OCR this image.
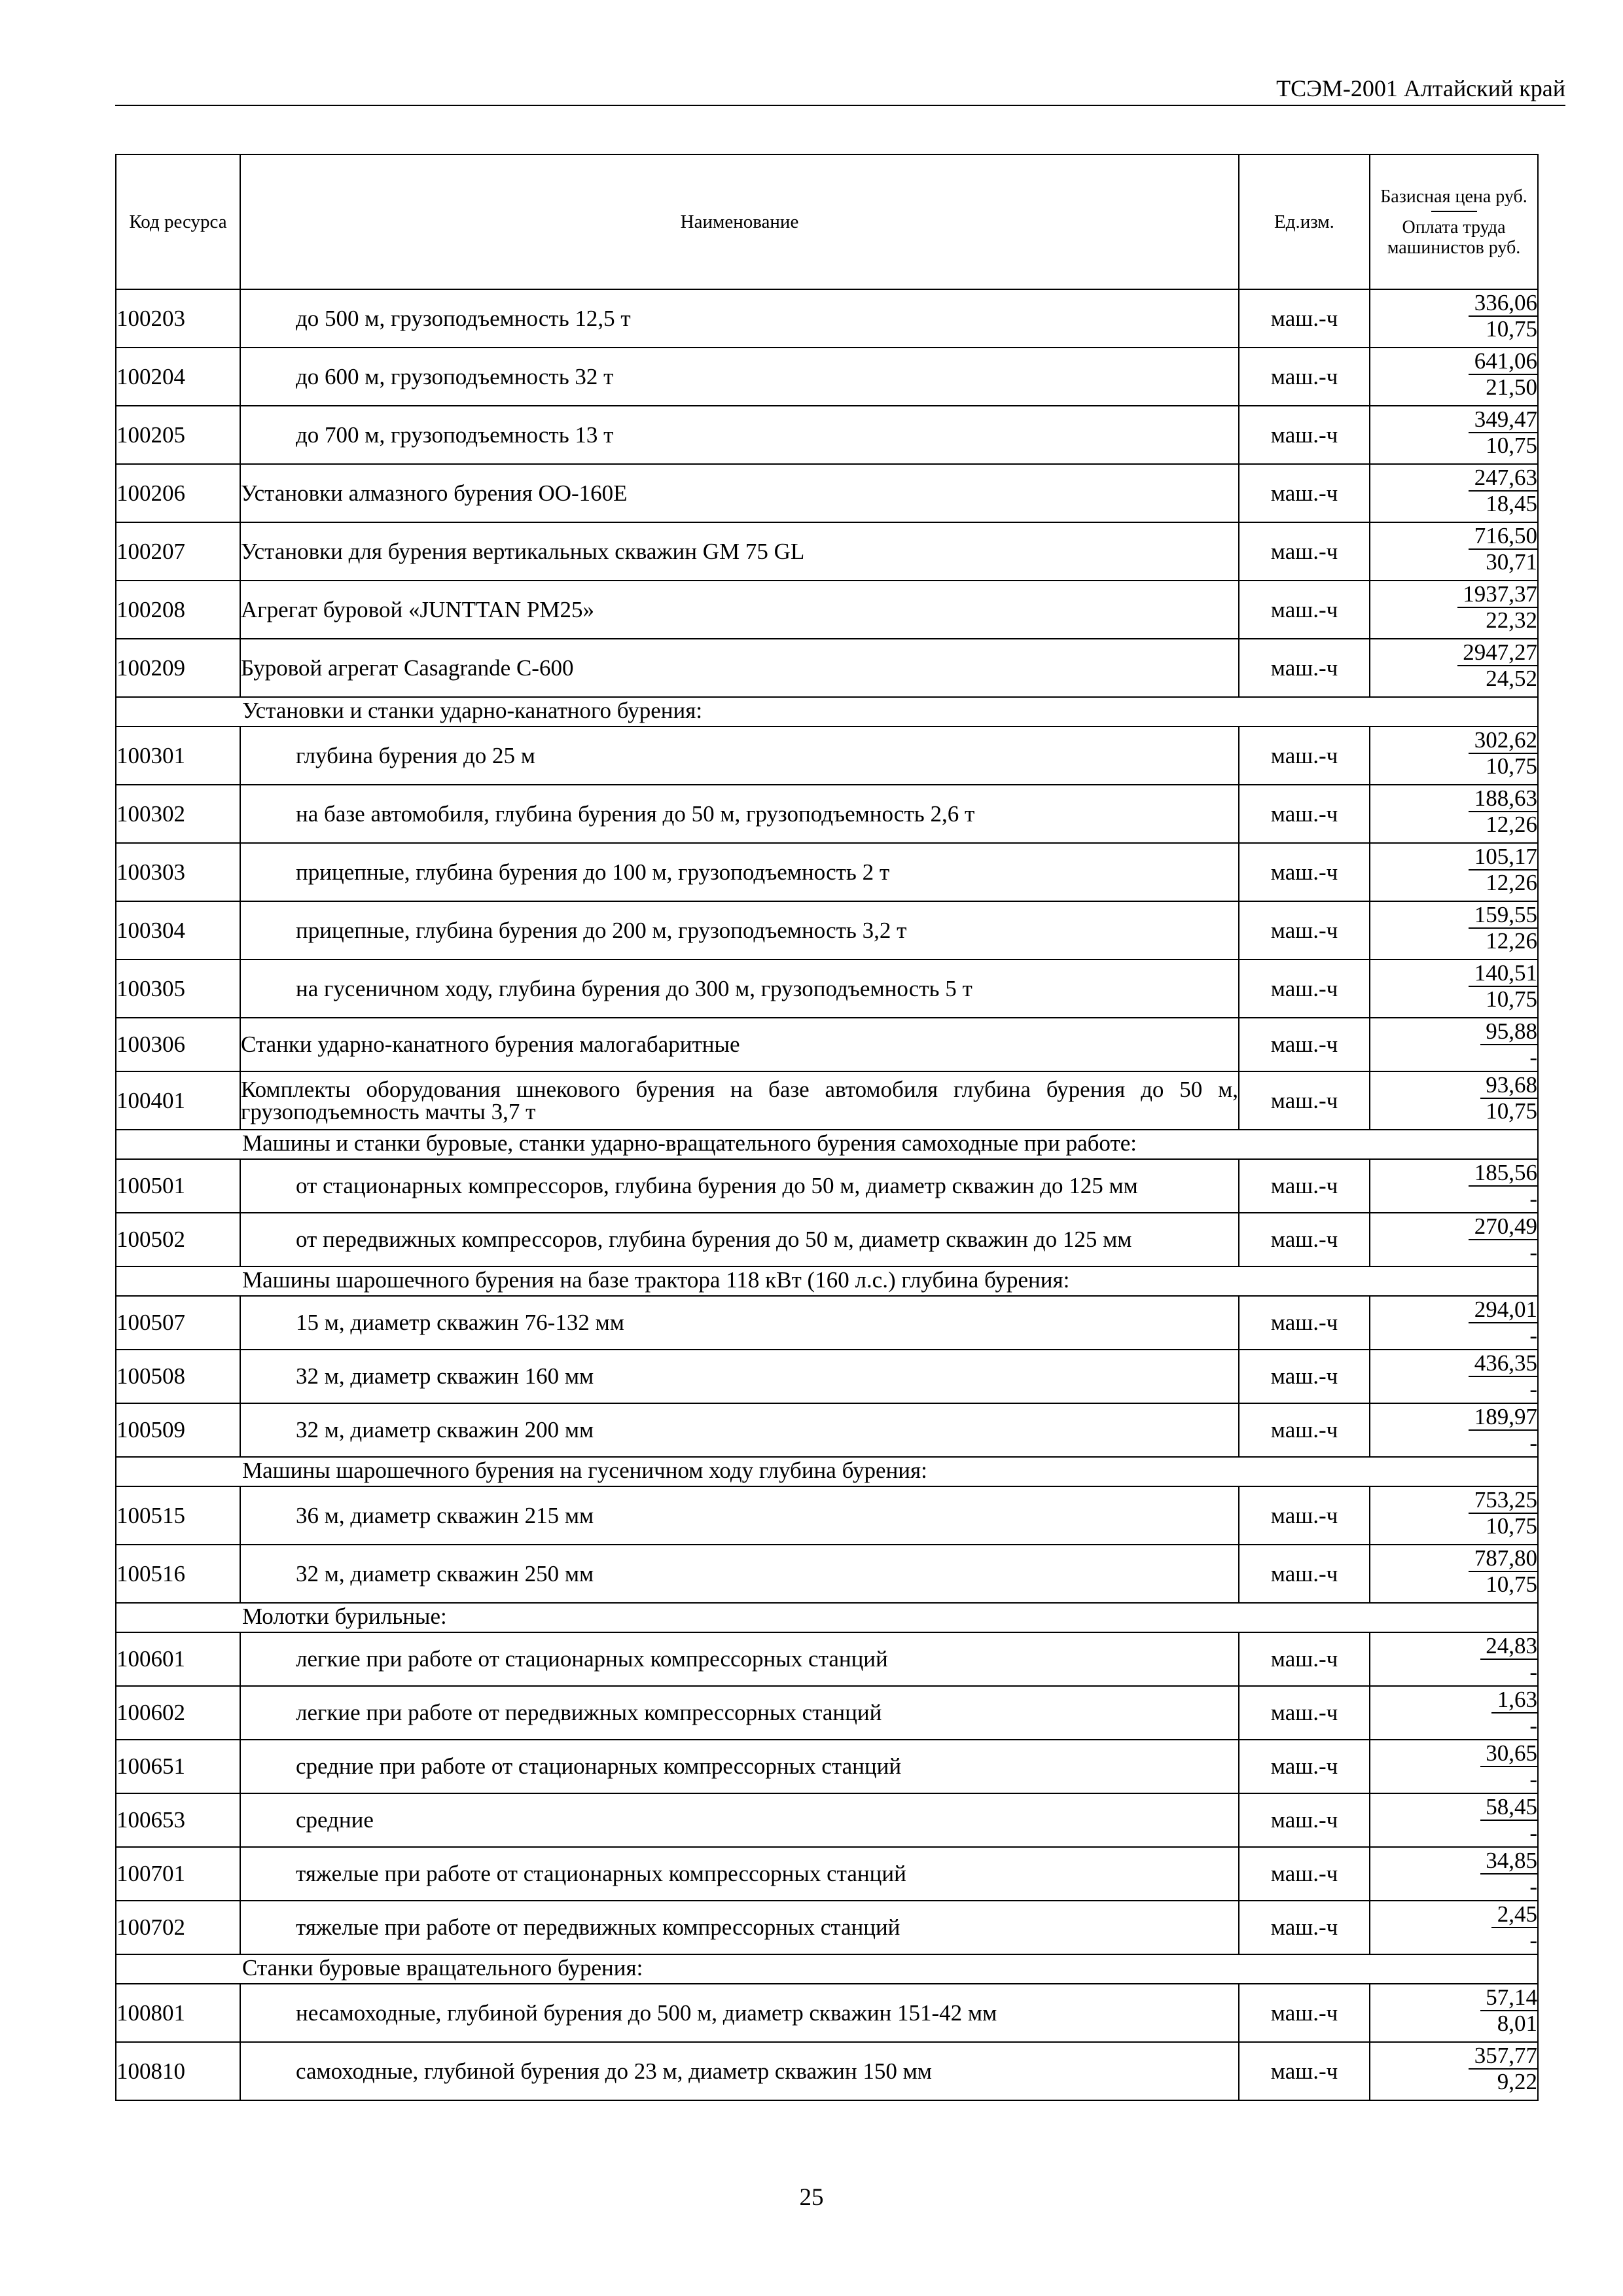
ТСЭМ-2001 Алтайский край
Код ресурса	Наименование	Ед.изм.	Базисная цена руб.
Оплата труда машинистов руб.

100203	до 500 м, грузоподъемность 12,5 т	маш.-ч	336,06
10,75

100204	до 600 м, грузоподъемность 32 т	маш.-ч	641,06
21,50

100205	до 700 м, грузоподъемность 13 т	маш.-ч	349,47
10,75

100206	Установки алмазного бурения ОО-160Е	маш.-ч	247,63
18,45

100207	Установки для бурения вертикальных скважин GM 75 GL	маш.-ч	716,50
30,71

100208	Агрегат буровой «JUNTTAN PM25»	маш.-ч	1937,37
22,32

100209	Буровой агрегат Casagrande C-600	маш.-ч	2947,27
24,52

Установки и станки ударно-канатного бурения:			
100301	глубина бурения до 25 м	маш.-ч	302,62
10,75

100302	на базе автомобиля, глубина бурения до 50 м, грузоподъемность 2,6 т	маш.-ч	188,63
12,26

100303	прицепные, глубина бурения до 100 м, грузоподъемность 2 т	маш.-ч	105,17
12,26

100304	прицепные, глубина бурения до 200 м, грузоподъемность 3,2 т	маш.-ч	159,55
12,26

100305	на гусеничном ходу, глубина бурения до 300 м, грузоподъемность 5 т	маш.-ч	140,51
10,75

100306	Станки ударно-канатного бурения малогабаритные	маш.-ч	95,88
-

100401	Комплекты оборудования шнекового бурения на базе автомобиля глубина бурения до 50 м, грузоподъемность мачты 3,7 т	маш.-ч	93,68
10,75

Машины и станки буровые, станки ударно-вращательного бурения самоходные при работе:			
100501	от стационарных компрессоров, глубина бурения до 50 м, диаметр скважин до 125 мм	маш.-ч	185,56
-

100502	от передвижных компрессоров, глубина бурения до 50 м, диаметр скважин до 125 мм	маш.-ч	270,49
-

Машины шарошечного бурения на базе трактора 118 кВт (160 л.с.) глубина бурения:			
100507	15 м, диаметр скважин 76-132 мм	маш.-ч	294,01
-

100508	32 м, диаметр скважин 160 мм	маш.-ч	436,35
-

100509	32 м, диаметр скважин 200 мм	маш.-ч	189,97
-

Машины шарошечного бурения на гусеничном ходу глубина бурения:			
100515	36 м, диаметр скважин 215 мм	маш.-ч	753,25
10,75

100516	32 м, диаметр скважин 250 мм	маш.-ч	787,80
10,75

Молотки бурильные:			
100601	легкие при работе от стационарных компрессорных станций	маш.-ч	24,83
-

100602	легкие при работе от передвижных компрессорных станций	маш.-ч	1,63
-

100651	средние при работе от стационарных компрессорных станций	маш.-ч	30,65
-

100653	средние	маш.-ч	58,45
-

100701	тяжелые при работе от стационарных компрессорных станций	маш.-ч	34,85
-

100702	тяжелые при работе от передвижных компрессорных станций	маш.-ч	2,45
-

Станки буровые вращательного бурения:			
100801	несамоходные, глубиной бурения до 500 м, диаметр скважин 151-42 мм	маш.-ч	57,14
8,01

100810	самоходные, глубиной бурения до 23 м, диаметр скважин 150 мм	маш.-ч	357,77
9,22
25
